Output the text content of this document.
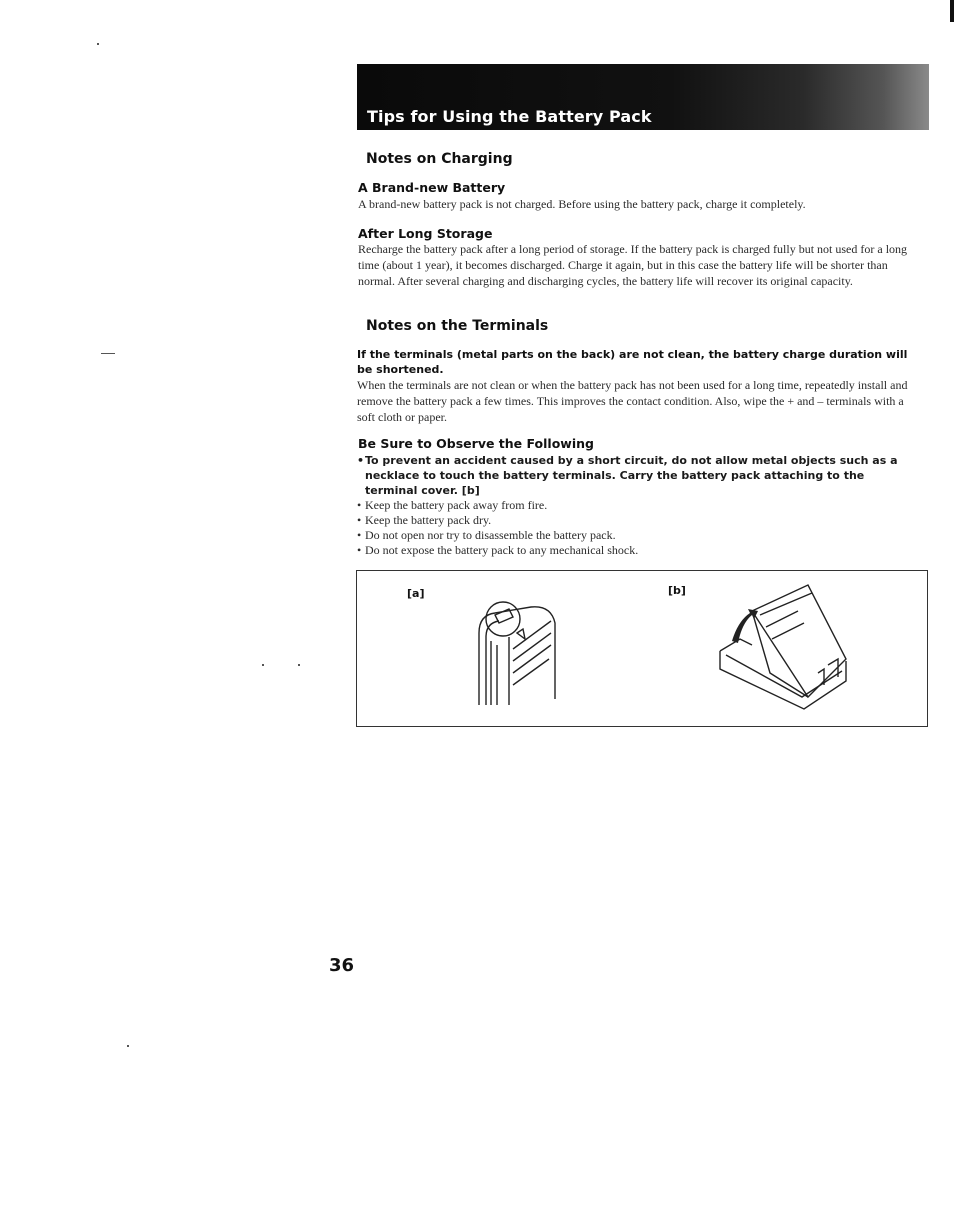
Tips for Using the Battery Pack
Notes on Charging
A Brand-new Battery
A brand-new battery pack is not charged. Before using the battery pack, charge it completely.
After Long Storage
Recharge the battery pack after a long period of storage. If the battery pack is charged fully but not used for a long time (about 1 year), it becomes discharged. Charge it again, but in this case the battery life will be shorter than normal. After several charging and discharging cycles, the battery life will recover its original capacity.
Notes on the Terminals
If the terminals (metal parts on the back) are not clean, the battery charge duration will be shortened.
When the terminals are not clean or when the battery pack has not been used for a long time, repeatedly install and remove the battery pack a few times. This improves the contact condition. Also, wipe the + and – terminals with a soft cloth or paper.
Be Sure to Observe the Following
• To prevent an accident caused by a short circuit, do not allow metal objects such as a necklace to touch the battery terminals. Carry the battery pack attaching to the terminal cover. [b]
• Keep the battery pack away from fire.
• Keep the battery pack dry.
• Do not open nor try to disassemble the battery pack.
• Do not expose the battery pack to any mechanical shock.
[a]	[b]
36
